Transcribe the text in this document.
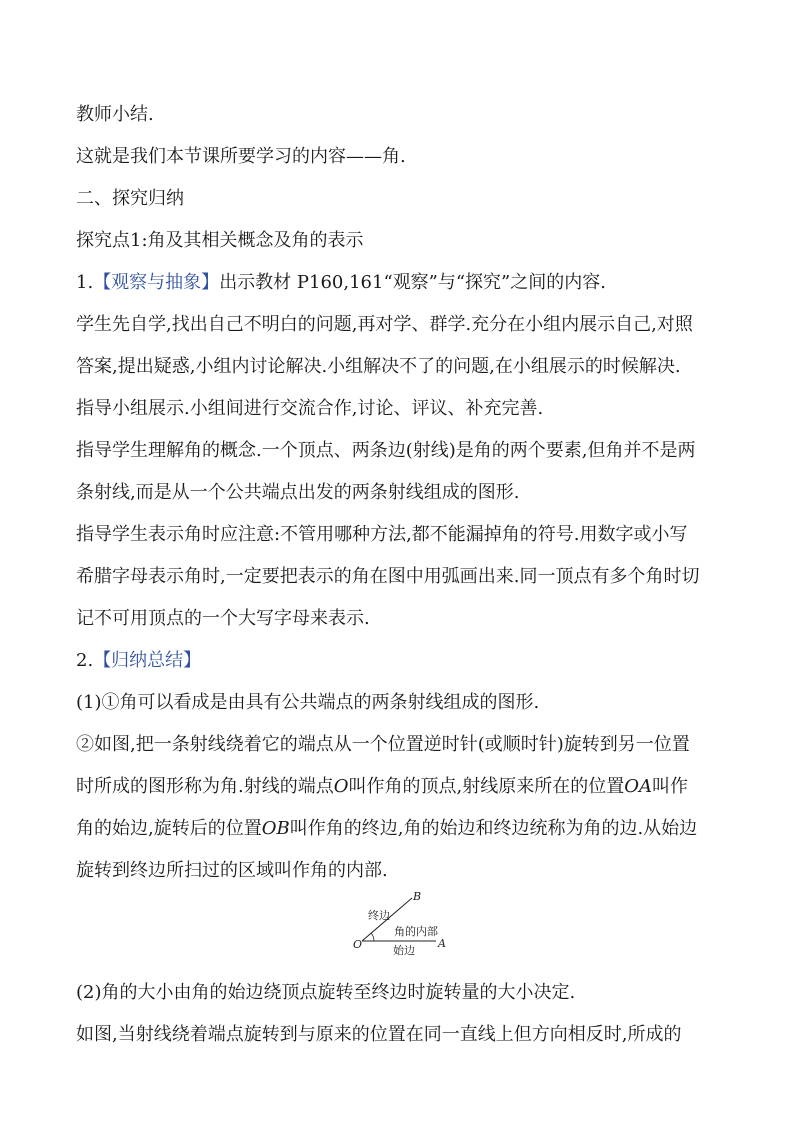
教师小结.
这就是我们本节课所要学习的内容——角.
二、探究归纳
探究点1:角及其相关概念及角的表示
1.【观察与抽象】出示教材 P160,161“观察”与“探究”之间的内容.
学生先自学,找出自己不明白的问题,再对学、群学.充分在小组内展示自己,对照
答案,提出疑惑,小组内讨论解决.小组解决不了的问题,在小组展示的时候解决.
指导小组展示.小组间进行交流合作,讨论、评议、补充完善.
指导学生理解角的概念.一个顶点、两条边(射线)是角的两个要素,但角并不是两
条射线,而是从一个公共端点出发的两条射线组成的图形.
指导学生表示角时应注意:不管用哪种方法,都不能漏掉角的符号.用数字或小写
希腊字母表示角时,一定要把表示的角在图中用弧画出来.同一顶点有多个角时切
记不可用顶点的一个大写字母来表示.
2.【归纳总结】
(1)①角可以看成是由具有公共端点的两条射线组成的图形.
②如图,把一条射线绕着它的端点从一个位置逆时针(或顺时针)旋转到另一位置
时所成的图形称为角.射线的端点O叫作角的顶点,射线原来所在的位置OA叫作
角的始边,旋转后的位置OB叫作角的终边,角的始边和终边统称为角的边.从始边
旋转到终边所扫过的区域叫作角的内部.
B
O	A
终边
角的内部
始边
(2)角的大小由角的始边绕顶点旋转至终边时旋转量的大小决定.
如图,当射线绕着端点旋转到与原来的位置在同一直线上但方向相反时,所成的
